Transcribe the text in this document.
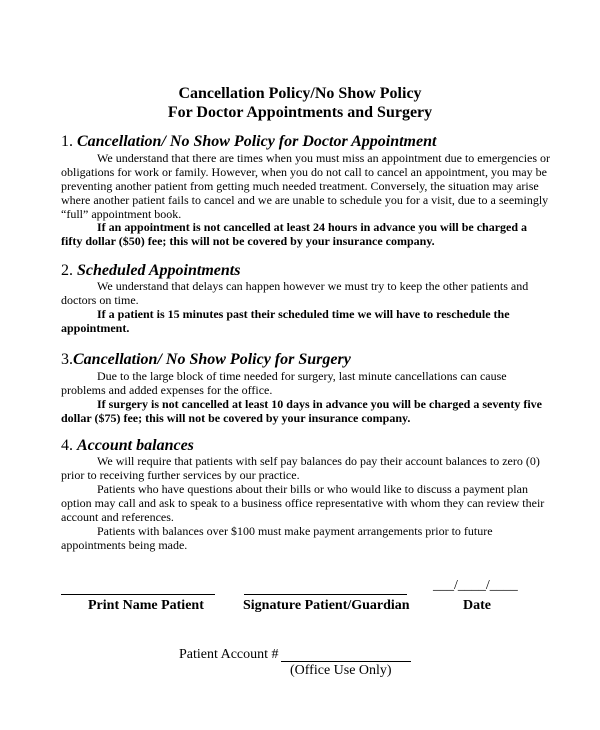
Cancellation Policy/No Show Policy
For Doctor Appointments and Surgery
1. Cancellation/ No Show Policy for Doctor Appointment
We understand that there are times when you must miss an appointment due to emergencies or obligations for work or family. However, when you do not call to cancel an appointment, you may be preventing another patient from getting much needed treatment. Conversely, the situation may arise where another patient fails to cancel and we are unable to schedule you for a visit, due to a seemingly “full” appointment book.
If an appointment is not cancelled at least 24 hours in advance you will be charged a fifty dollar ($50) fee; this will not be covered by your insurance company.
2. Scheduled Appointments
We understand that delays can happen however we must try to keep the other patients and doctors on time.
If a patient is 15 minutes past their scheduled time we will have to reschedule the appointment.
3.Cancellation/ No Show Policy for Surgery
Due to the large block of time needed for surgery, last minute cancellations can cause problems and added expenses for the office.
If surgery is not cancelled at least 10 days in advance you will be charged a seventy five dollar ($75) fee; this will not be covered by your insurance company.
4. Account balances
We will require that patients with self pay balances do pay their account balances to zero (0) prior to receiving further services by our practice.
Patients who have questions about their bills or who would like to discuss a payment plan option may call and ask to speak to a business office representative with whom they can review their account and references.
Patients with balances over $100 must make payment arrangements prior to future appointments being made.
___/____/____
Print Name Patient	Signature Patient/Guardian	Date
Patient Account #
(Office Use Only)
